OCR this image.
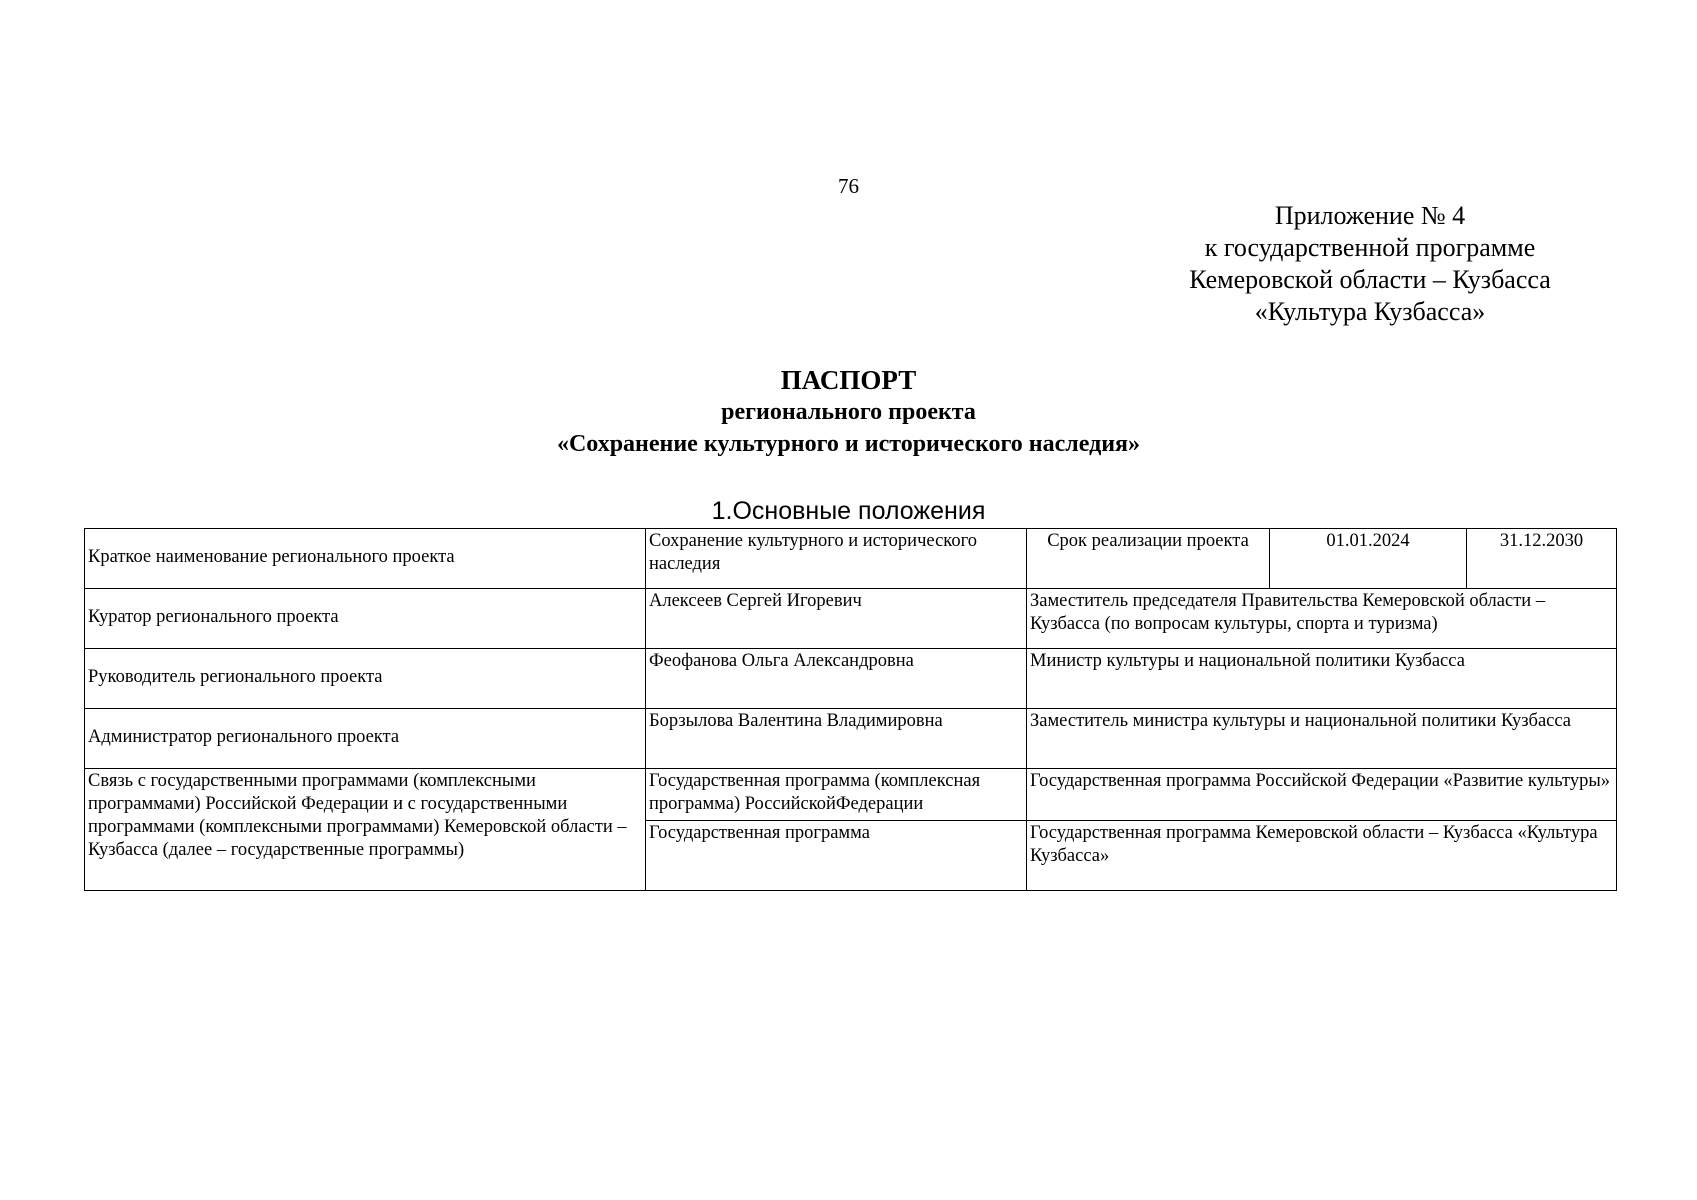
76
Приложение № 4
к государственной программе
Кемеровской области – Кузбасса
«Культура Кузбасса»
ПАСПОРТ
регионального проекта
«Сохранение культурного и исторического наследия»
1.Основные положения
Краткое наименование регионального проекта	Сохранение культурного и исторического наследия	Срок реализации проекта	01.01.2024	31.12.2030
Куратор регионального проекта	Алексеев Сергей Игоревич	Заместитель председателя Правительства Кемеровской области – Кузбасса (по вопросам культуры, спорта и туризма)		
Руководитель регионального проекта	Феофанова Ольга Александровна	Министр культуры и национальной политики Кузбасса		
Администратор регионального проекта	Борзылова Валентина Владимировна	Заместитель министра культуры и национальной политики Кузбасса		
Связь с государственными программами (комплексными программами) Российской Федерации и с государственными программами (комплексными программами) Кемеровской области – Кузбасса (далее – государственные программы)	Государственная программа (комплексная программа) РоссийскойФедерации	Государственная программа Российской Федерации «Развитие культуры»		
	Государственная программа	Государственная программа Кемеровской области – Кузбасса «Культура Кузбасса»		
